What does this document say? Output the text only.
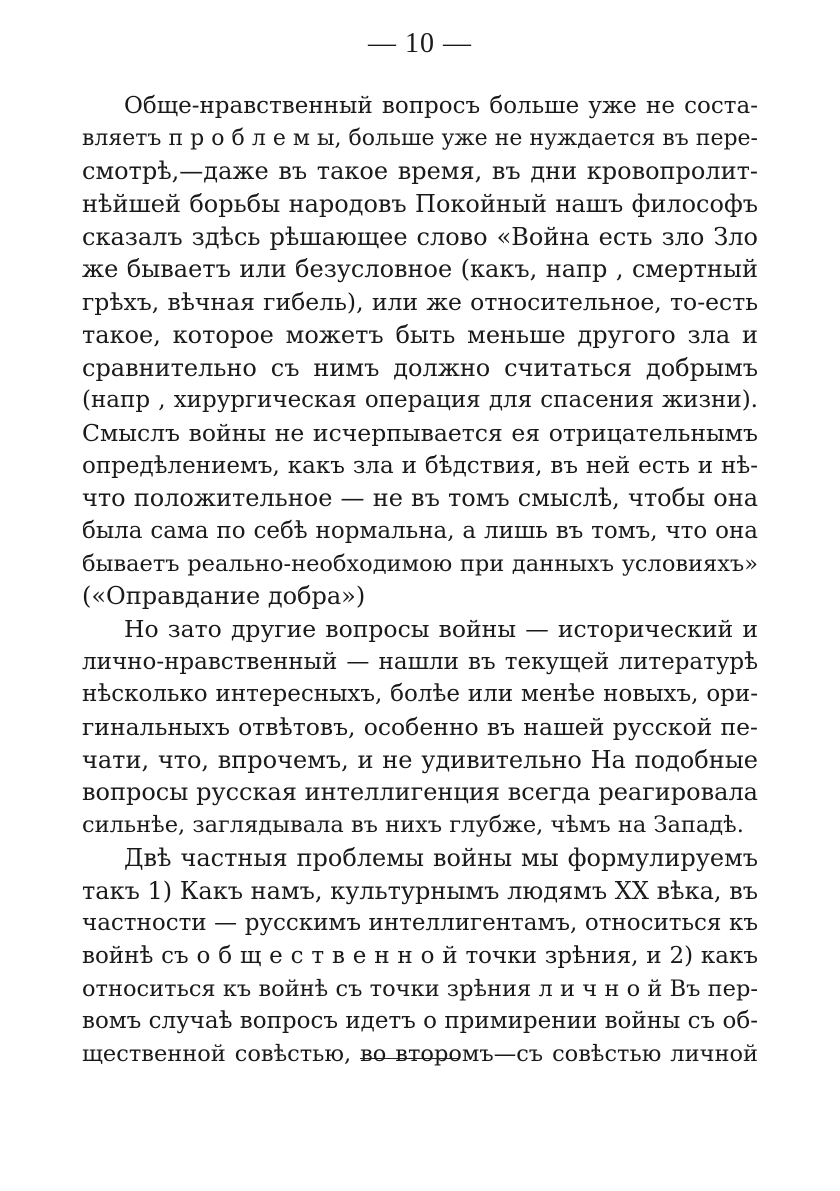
— 10 —
Обще-нравственный вопросъ больше уже не соста-
вляетъ п р о б л е м ы, больше уже не нуждается въ пере-
смотрѣ,—даже въ такое время, въ дни кровопролит-
нѣйшей борьбы народовъ Покойный нашъ философъ
сказалъ здѣсь рѣшающее слово «Война есть зло Зло
же бываетъ или безусловное (какъ, напр , смертный
грѣхъ, вѣчная гибель), или же относительное, то-есть
такое, которое можетъ быть меньше другого зла и
сравнительно съ нимъ должно считаться добрымъ
(напр , хирургическая операция для спасения жизни).
Смыслъ войны не исчерпывается ея отрицательнымъ
опредѣлениемъ, какъ зла и бѣдствия, въ ней есть и нѣ-
что положительное — не въ томъ смыслѣ, чтобы она
была сама по себѣ нормальна, а лишь въ томъ, что она
бываетъ реально-необходимою при данныхъ условияхъ»
(«Оправдание добра»)
Но зато другие вопросы войны — исторический и
лично-нравственный — нашли въ текущей литературѣ
нѣсколько интересныхъ, болѣе или менѣе новыхъ, ори-
гинальныхъ отвѣтовъ, особенно въ нашей русской пе-
чати, что, впрочемъ, и не удивительно На подобные
вопросы русская интеллигенция всегда реагировала
сильнѣе, заглядывала въ нихъ глубже, чѣмъ на Западѣ.
Двѣ частныя проблемы войны мы формулируемъ
такъ 1) Какъ намъ, культурнымъ людямъ XX вѣка, въ
частности — русскимъ интеллигентамъ, относиться къ
войнѣ съ о б щ е с т в е н н о й точки зрѣния, и 2) какъ
относиться къ войнѣ съ точки зрѣния л и ч н о й Въ пер-
вомъ случаѣ вопросъ идетъ о примирении войны съ об-
щественной совѣстью, во второмъ—съ совѣстью личной
